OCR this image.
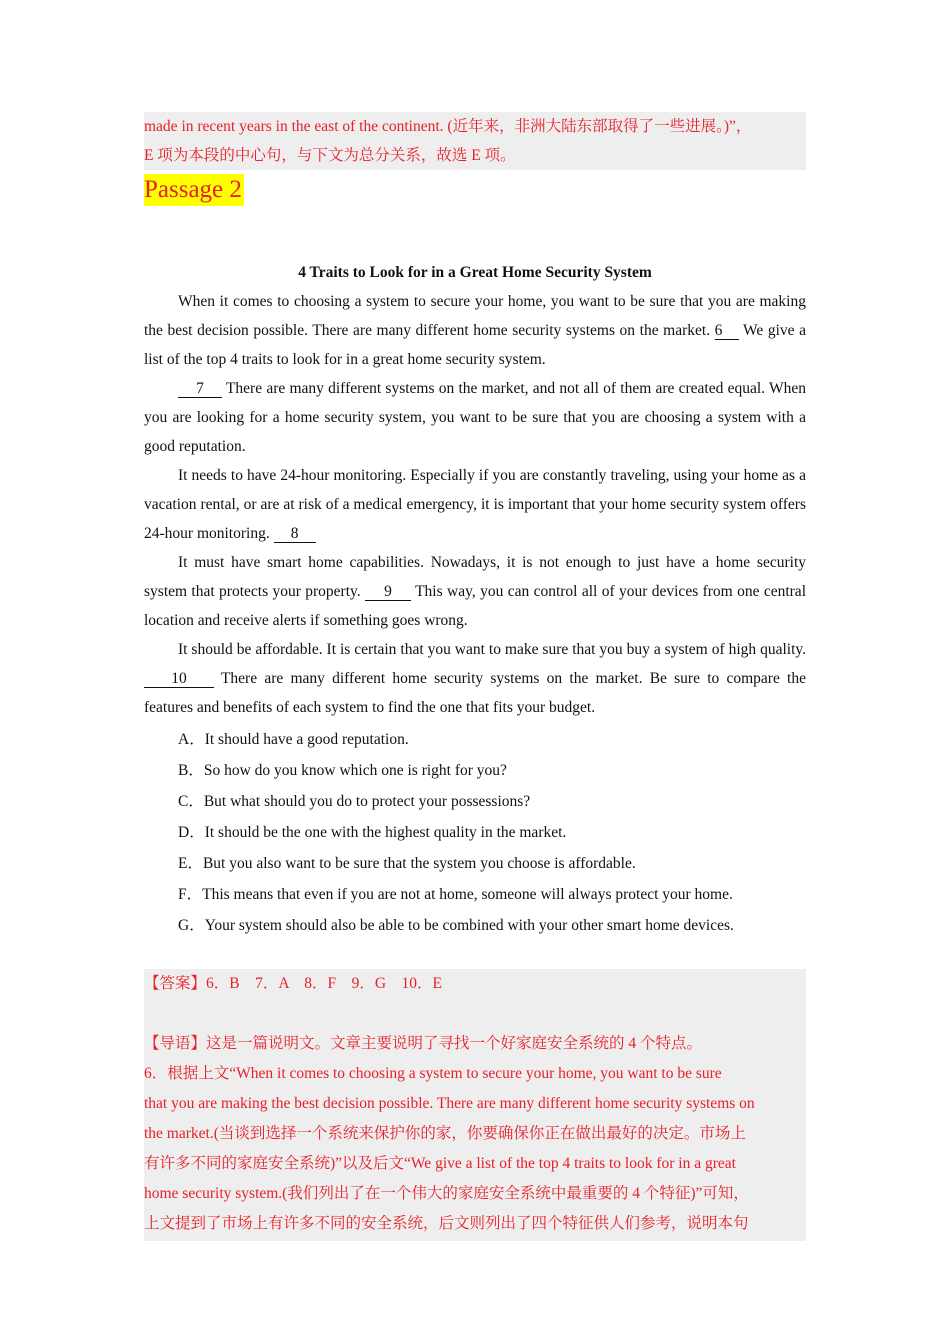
made in recent years in the east of the continent. (近年来，非洲大陆东部取得了一些进展。)”，
E 项为本段的中心句，与下文为总分关系，故选 E 项。
Passage 2
4 Traits to Look for in a Great Home Security System
When it comes to choosing a system to secure your home, you want to be sure that you are making the best decision possible. There are many different home security systems on the market. 6 We give a list of the top 4 traits to look for in a great home security system.
7 There are many different systems on the market, and not all of them are created equal. When you are looking for a home security system, you want to be sure that you are choosing a system with a good reputation.
It needs to have 24-hour monitoring. Especially if you are constantly traveling, using your home as a vacation rental, or are at risk of a medical emergency, it is important that your home security system offers 24-hour monitoring. 8
It must have smart home capabilities. Nowadays, it is not enough to just have a home security system that protects your property. 9 This way, you can control all of your devices from one central location and receive alerts if something goes wrong.
It should be affordable. It is certain that you want to make sure that you buy a system of high quality. 10 There are many different home security systems on the market. Be sure to compare the features and benefits of each system to find the one that fits your budget.
A．It should have a good reputation.
B．So how do you know which one is right for you?
C．But what should you do to protect your possessions?
D．It should be the one with the highest quality in the market.
E．But you also want to be sure that the system you choose is affordable.
F．This means that even if you are not at home, someone will always protect your home.
G．Your system should also be able to be combined with your other smart home devices.
【答案】6．B　7．A　8．F　9．G　10．E
【导语】这是一篇说明文。文章主要说明了寻找一个好家庭安全系统的 4 个特点。
6．根据上文“When it comes to choosing a system to secure your home, you want to be sure
that you are making the best decision possible. There are many different home security systems on
the market.(当谈到选择一个系统来保护你的家，你要确保你正在做出最好的决定。市场上
有许多不同的家庭安全系统)”以及后文“We give a list of the top 4 traits to look for in a great
home security system.(我们列出了在一个伟大的家庭安全系统中最重要的 4 个特征)”可知，
上文提到了市场上有许多不同的安全系统，后文则列出了四个特征供人们参考，说明本句
